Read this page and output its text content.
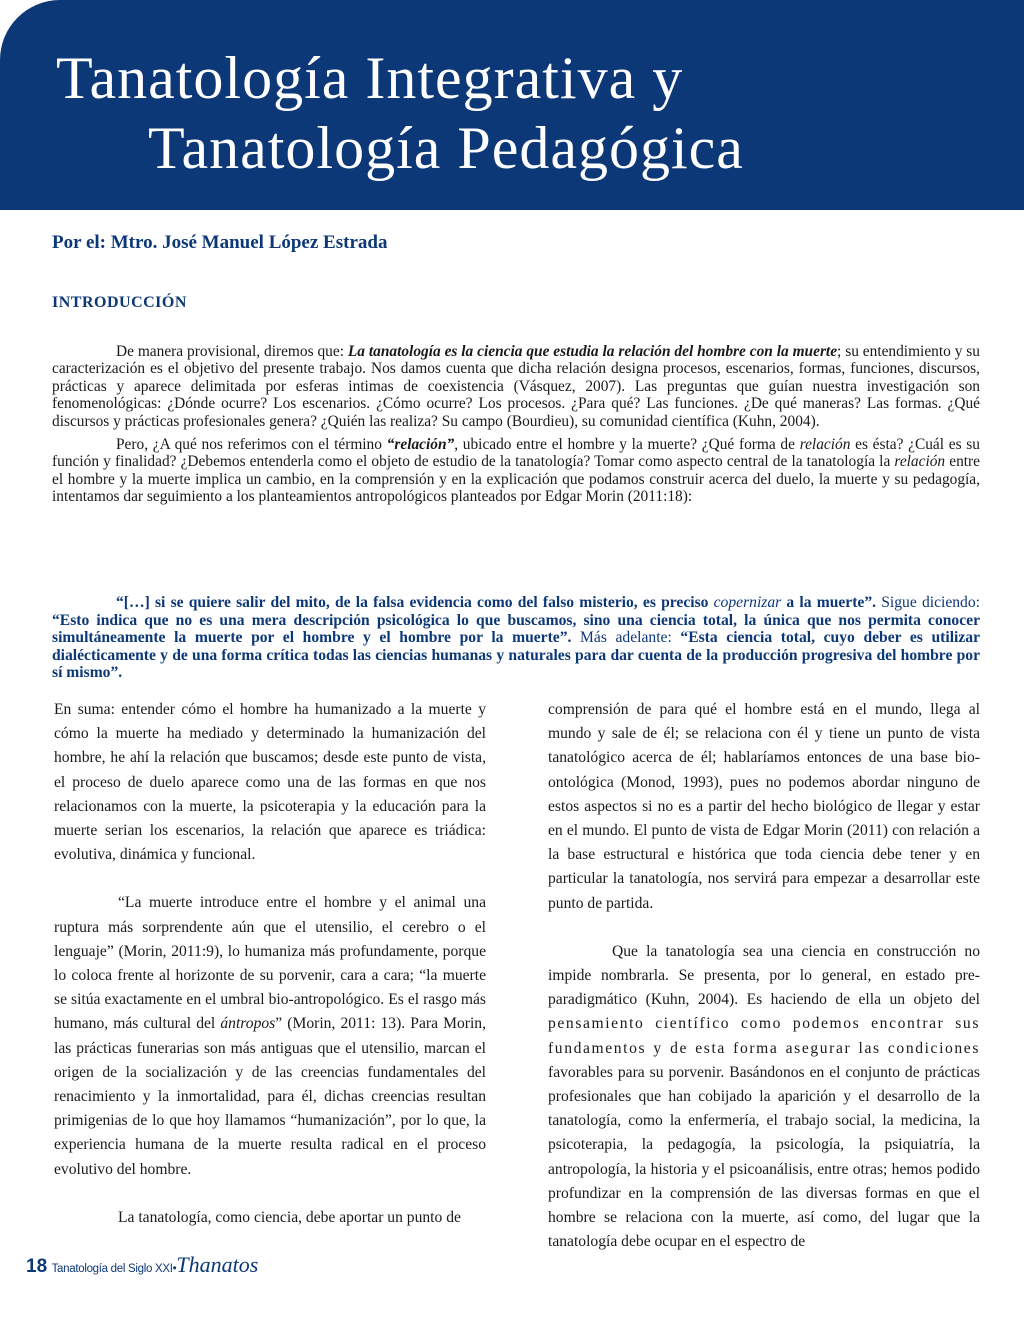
Tanatología Integrativa y
Tanatología Pedagógica
Por el: Mtro. José Manuel López Estrada
INTRODUCCIÓN

De manera provisional, diremos que: La tanatología es la ciencia que estudia la relación del hombre con la muerte; su entendimiento y su caracterización es el objetivo del presente trabajo. Nos damos cuenta que dicha relación designa procesos, escenarios, formas, funciones, discursos, prácticas y aparece delimitada por esferas intimas de coexistencia (Vásquez, 2007). Las preguntas que guían nuestra investigación son fenomenológicas: ¿Dónde ocurre? Los escenarios. ¿Cómo ocurre? Los procesos. ¿Para qué? Las funciones. ¿De qué maneras? Las formas. ¿Qué discursos y prácticas profesionales genera? ¿Quién las realiza? Su campo (Bourdieu), su comunidad científica (Kuhn, 2004).

Pero, ¿A qué nos referimos con el término “relación”, ubicado entre el hombre y la muerte? ¿Qué forma de relación es ésta? ¿Cuál es su función y finalidad? ¿Debemos entenderla como el objeto de estudio de la tanatología? Tomar como aspecto central de la tanatología la relación entre el hombre y la muerte implica un cambio, en la comprensión y en la explicación que podamos construir acerca del duelo, la muerte y su pedagogía, intentamos dar seguimiento a los planteamientos antropológicos planteados por Edgar Morin (2011:18):

“[…] si se quiere salir del mito, de la falsa evidencia como del falso misterio, es preciso copernizar a la muerte”. Sigue diciendo: “Esto indica que no es una mera descripción psicológica lo que buscamos, sino una ciencia total, la única que nos permita conocer simultáneamente la muerte por el hombre y el hombre por la muerte”. Más adelante: “Esta ciencia total, cuyo deber es utilizar dialécticamente y de una forma crítica todas las ciencias humanas y naturales para dar cuenta de la producción progresiva del hombre por sí mismo”.

En suma: entender cómo el hombre ha humanizado a la muerte y cómo la muerte ha mediado y determinado la humanización del hombre, he ahí la relación que buscamos; desde este punto de vista, el proceso de duelo aparece como una de las formas en que nos relacionamos con la muerte, la psicoterapia y la educación para la muerte serian los escenarios, la relación que aparece es triádica: evolutiva, dinámica y funcional.

“La muerte introduce entre el hombre y el animal una ruptura más sorprendente aún que el utensilio, el cerebro o el lenguaje” (Morin, 2011:9), lo humaniza más profundamente, porque lo coloca frente al horizonte de su porvenir, cara a cara; “la muerte se sitúa exactamente en el umbral bio-antropológico. Es el rasgo más humano, más cultural del ántropos” (Morin, 2011: 13). Para Morin, las prácticas funerarias son más antiguas que el utensilio, marcan el origen de la socialización y de las creencias fundamentales del renacimiento y la inmortalidad, para él, dichas creencias resultan primigenias de lo que hoy llamamos “humanización”, por lo que, la experiencia humana de la muerte resulta radical en el proceso evolutivo del hombre.

La tanatología, como ciencia, debe aportar un punto de

comprensión de para qué el hombre está en el mundo, llega al mundo y sale de él; se relaciona con él y tiene un punto de vista tanatológico acerca de él; hablaríamos entonces de una base bio-ontológica (Monod, 1993), pues no podemos abordar ninguno de estos aspectos si no es a partir del hecho biológico de llegar y estar en el mundo. El punto de vista de Edgar Morin (2011) con relación a la base estructural e histórica que toda ciencia debe tener y en particular la tanatología, nos servirá para empezar a desarrollar este punto de partida.

Que la tanatología sea una ciencia en construcción no impide nombrarla. Se presenta, por lo general, en estado pre-paradigmático (Kuhn, 2004). Es haciendo de ella un objeto del pensamiento científico como podemos encontrar sus fundamentos y de esta forma asegurar las condiciones favorables para su porvenir. Basándonos en el conjunto de prácticas profesionales que han cobijado la aparición y el desarrollo de la tanatología, como la enfermería, el trabajo social, la medicina, la psicoterapia, la pedagogía, la psicología, la psiquiatría, la antropología, la historia y el psicoanálisis, entre otras; hemos podido profundizar en la comprensión de las diversas formas en que el hombre se relaciona con la muerte, así como, del lugar que la tanatología debe ocupar en el espectro de

18 Tanatología del Siglo XXI•Thanatos
